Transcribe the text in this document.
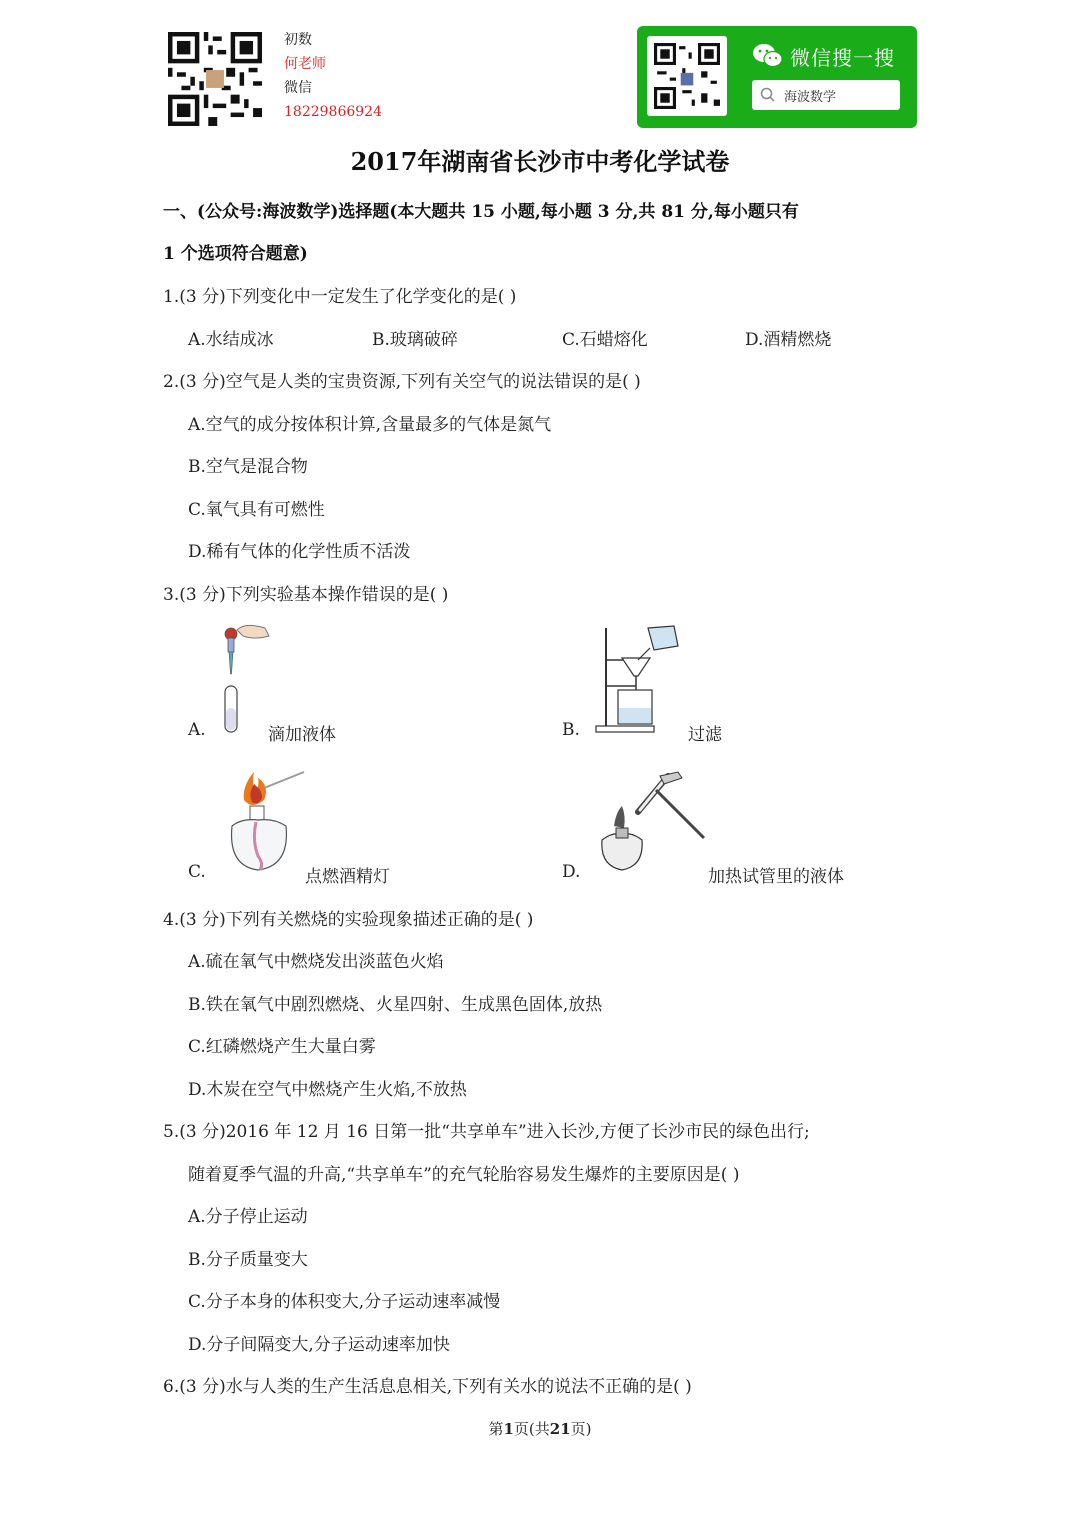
初数
何老师
微信
18229866924
微信搜一搜
海波数学
2017年湖南省长沙市中考化学试卷
一、(公众号:海波数学)选择题(本大题共 15 小题,每小题 3 分,共 81 分,每小题只有
1 个选项符合题意)
1.(3 分)下列变化中一定发生了化学变化的是( )
A.水结成冰	B.玻璃破碎	C.石蜡熔化	D.酒精燃烧
2.(3 分)空气是人类的宝贵资源,下列有关空气的说法错误的是( )
A.空气的成分按体积计算,含量最多的气体是氮气
B.空气是混合物
C.氧气具有可燃性
D.稀有气体的化学性质不活泼
3.(3 分)下列实验基本操作错误的是( )
A.	滴加液体	B.	过滤
C.	点燃酒精灯	D.	加热试管里的液体
4.(3 分)下列有关燃烧的实验现象描述正确的是( )
A.硫在氧气中燃烧发出淡蓝色火焰
B.铁在氧气中剧烈燃烧、火星四射、生成黑色固体,放热
C.红磷燃烧产生大量白雾
D.木炭在空气中燃烧产生火焰,不放热
5.(3 分)2016 年 12 月 16 日第一批“共享单车”进入长沙,方便了长沙市民的绿色出行;
随着夏季气温的升高,“共享单车”的充气轮胎容易发生爆炸的主要原因是( )
A.分子停止运动
B.分子质量变大
C.分子本身的体积变大,分子运动速率减慢
D.分子间隔变大,分子运动速率加快
6.(3 分)水与人类的生产生活息息相关,下列有关水的说法不正确的是( )
第1页(共21页)
